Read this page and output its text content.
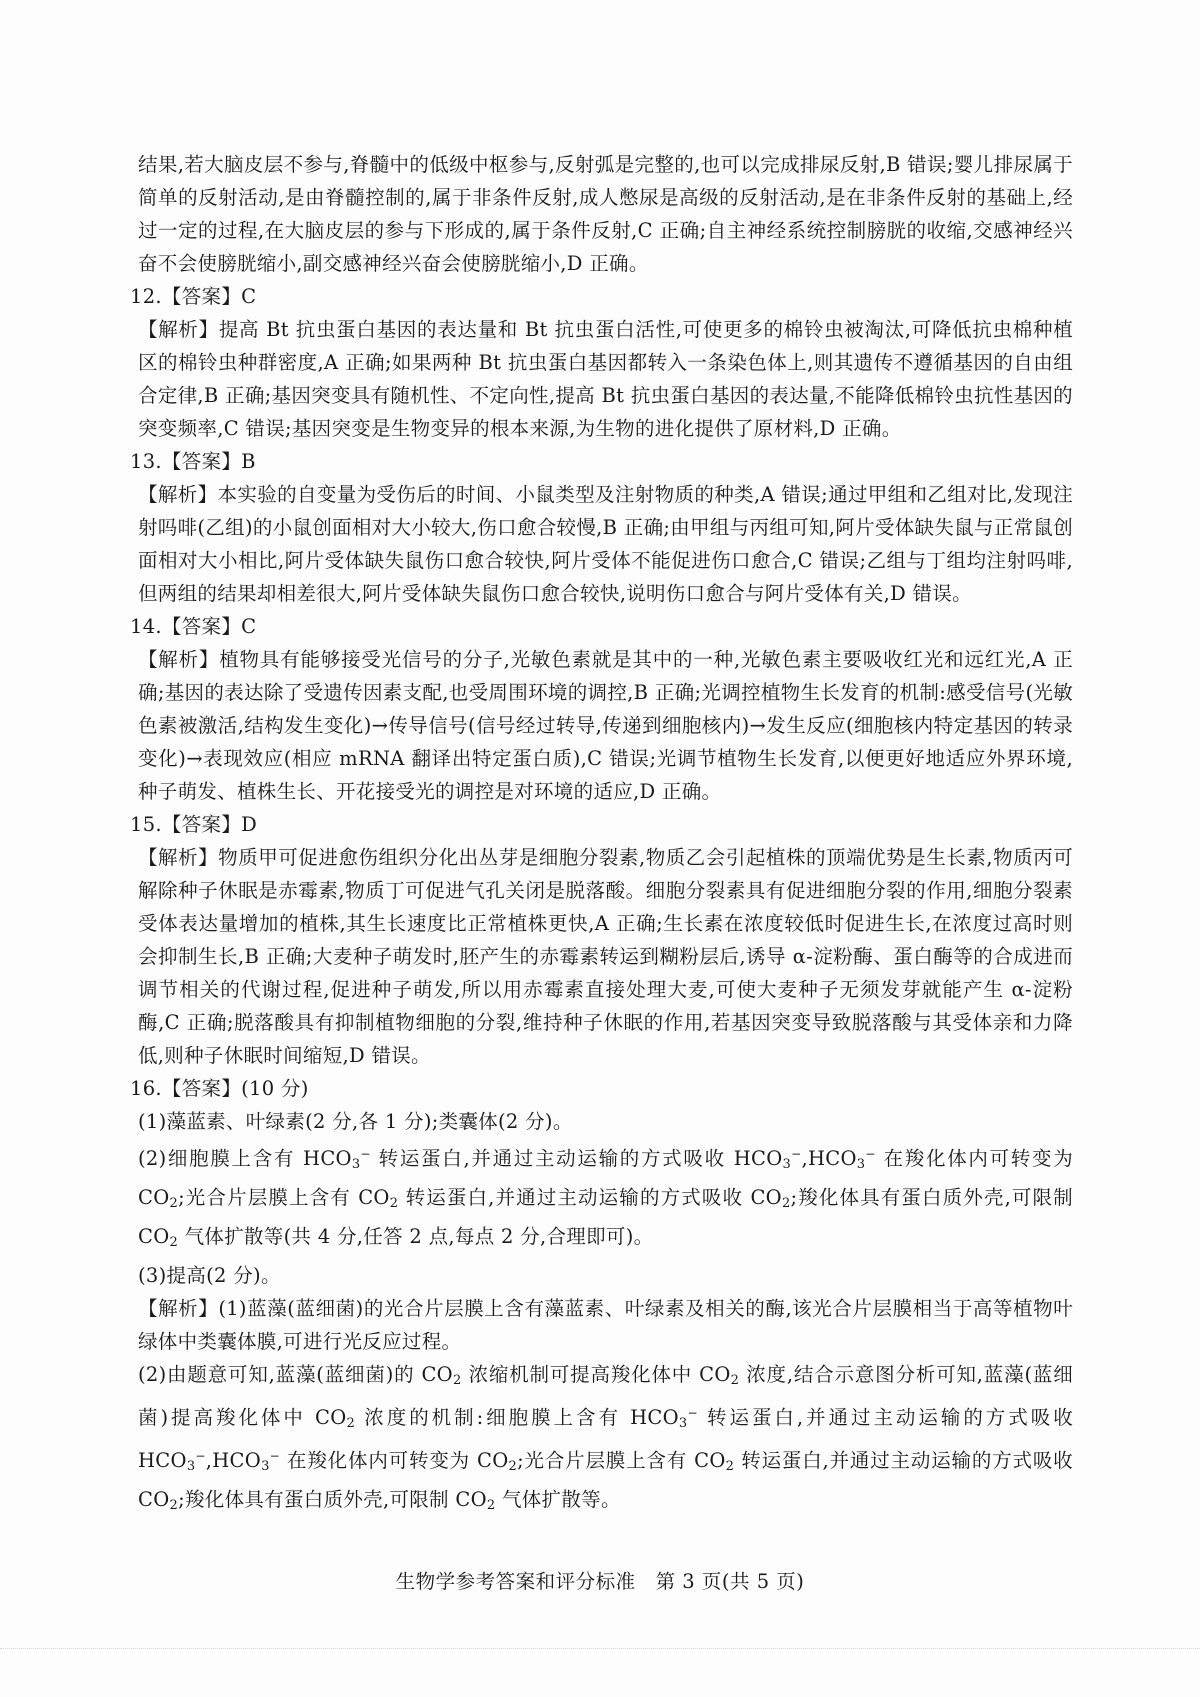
结果,若大脑皮层不参与,脊髓中的低级中枢参与,反射弧是完整的,也可以完成排尿反射,B 错误;婴儿排尿属于简单的反射活动,是由脊髓控制的,属于非条件反射,成人憋尿是高级的反射活动,是在非条件反射的基础上,经过一定的过程,在大脑皮层的参与下形成的,属于条件反射,C 正确;自主神经系统控制膀胱的收缩,交感神经兴奋不会使膀胱缩小,副交感神经兴奋会使膀胱缩小,D 正确。

12.【答案】C

【解析】提高 Bt 抗虫蛋白基因的表达量和 Bt 抗虫蛋白活性,可使更多的棉铃虫被淘汰,可降低抗虫棉种植区的棉铃虫种群密度,A 正确;如果两种 Bt 抗虫蛋白基因都转入一条染色体上,则其遗传不遵循基因的自由组合定律,B 正确;基因突变具有随机性、不定向性,提高 Bt 抗虫蛋白基因的表达量,不能降低棉铃虫抗性基因的突变频率,C 错误;基因突变是生物变异的根本来源,为生物的进化提供了原材料,D 正确。

13.【答案】B

【解析】本实验的自变量为受伤后的时间、小鼠类型及注射物质的种类,A 错误;通过甲组和乙组对比,发现注射吗啡(乙组)的小鼠创面相对大小较大,伤口愈合较慢,B 正确;由甲组与丙组可知,阿片受体缺失鼠与正常鼠创面相对大小相比,阿片受体缺失鼠伤口愈合较快,阿片受体不能促进伤口愈合,C 错误;乙组与丁组均注射吗啡,但两组的结果却相差很大,阿片受体缺失鼠伤口愈合较快,说明伤口愈合与阿片受体有关,D 错误。

14.【答案】C

【解析】植物具有能够接受光信号的分子,光敏色素就是其中的一种,光敏色素主要吸收红光和远红光,A 正确;基因的表达除了受遗传因素支配,也受周围环境的调控,B 正确;光调控植物生长发育的机制:感受信号(光敏色素被激活,结构发生变化)→传导信号(信号经过转导,传递到细胞核内)→发生反应(细胞核内特定基因的转录变化)→表现效应(相应 mRNA 翻译出特定蛋白质),C 错误;光调节植物生长发育,以便更好地适应外界环境,种子萌发、植株生长、开花接受光的调控是对环境的适应,D 正确。

15.【答案】D

【解析】物质甲可促进愈伤组织分化出丛芽是细胞分裂素,物质乙会引起植株的顶端优势是生长素,物质丙可解除种子休眠是赤霉素,物质丁可促进气孔关闭是脱落酸。细胞分裂素具有促进细胞分裂的作用,细胞分裂素受体表达量增加的植株,其生长速度比正常植株更快,A 正确;生长素在浓度较低时促进生长,在浓度过高时则会抑制生长,B 正确;大麦种子萌发时,胚产生的赤霉素转运到糊粉层后,诱导 α-淀粉酶、蛋白酶等的合成进而调节相关的代谢过程,促进种子萌发,所以用赤霉素直接处理大麦,可使大麦种子无须发芽就能产生 α-淀粉酶,C 正确;脱落酸具有抑制植物细胞的分裂,维持种子休眠的作用,若基因突变导致脱落酸与其受体亲和力降低,则种子休眠时间缩短,D 错误。

16.【答案】(10 分)

(1)藻蓝素、叶绿素(2 分,各 1 分);类囊体(2 分)。

(2)细胞膜上含有 $HCO_3^-$ 转运蛋白,并通过主动运输的方式吸收 $HCO_3^-,HCO_3^-$ 在羧化体内可转变为 $CO_2$;光合片层膜上含有 $CO_2$ 转运蛋白,并通过主动运输的方式吸收 $CO_2$;羧化体具有蛋白质外壳,可限制 $CO_2$ 气体扩散等(共 4 分,任答 2 点,每点 2 分,合理即可)。

(3)提高(2 分)。

【解析】(1)蓝藻(蓝细菌)的光合片层膜上含有藻蓝素、叶绿素及相关的酶,该光合片层膜相当于高等植物叶绿体中类囊体膜,可进行光反应过程。

(2)由题意可知,蓝藻(蓝细菌)的 $CO_2$ 浓缩机制可提高羧化体中 $CO_2$ 浓度,结合示意图分析可知,蓝藻(蓝细菌)提高羧化体中 $CO_2$ 浓度的机制:细胞膜上含有 $HCO_3^-$ 转运蛋白,并通过主动运输的方式吸收 $HCO_3^-,HCO_3^-$ 在羧化体内可转变为 $CO_2$;光合片层膜上含有 $CO_2$ 转运蛋白,并通过主动运输的方式吸收 $CO_2$;羧化体具有蛋白质外壳,可限制 $CO_2$ 气体扩散等。

生物学参考答案和评分标准　第 3 页(共 5 页)
